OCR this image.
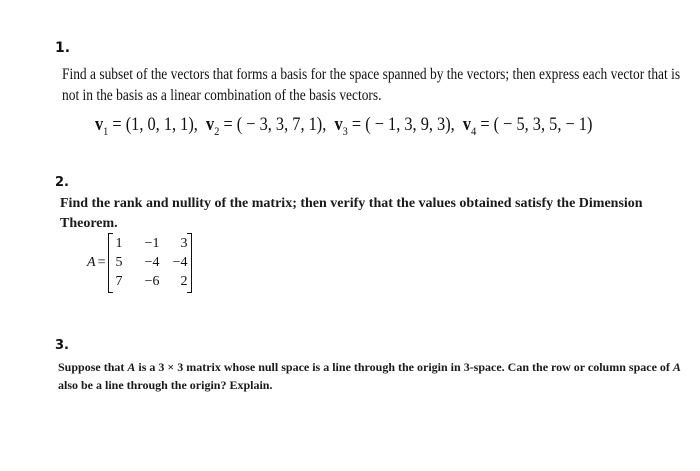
1.
Find a subset of the vectors that forms a basis for the space spanned by the vectors; then express each vector that is not in the basis as a linear combination of the basis vectors.
$v_1 = (1$, 0, 1, 1),  $v_2$ = ( − 3, 3, 7, 1),  $v_3$ = ( − 1, 3, 9, 3),  $v_4$ = ( − 5, 3, 5, − 1)
2.
Find the rank and nullity of the matrix; then verify that the values obtained satisfy the Dimension Theorem.
A =
1	−1	3
5	−4 −4
7	−6	2
3.
Suppose that A is a 3 × 3 matrix whose null space is a line through the origin in 3-space. Can the row or column space of A also be a line through the origin? Explain.
